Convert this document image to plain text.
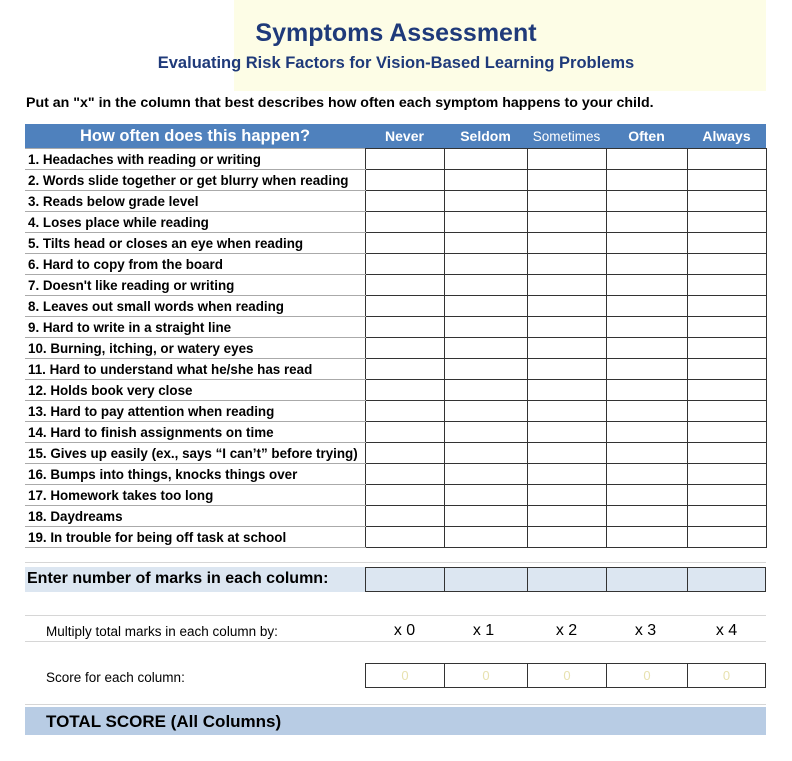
Symptoms Assessment
Evaluating Risk Factors for Vision-Based Learning Problems
Put an "x" in the column that best describes how often each symptom happens to your child.
How often does this happen?	Never	Seldom	Sometimes	Often	Always
1. Headaches with reading or writing					
2. Words slide together or get blurry when reading					
3. Reads below grade level					
4. Loses place while reading					
5. Tilts head or closes an eye when reading					
6. Hard to copy from the board					
7. Doesn't like reading or writing					
8. Leaves out small words when reading					
9. Hard to write in a straight line					
10. Burning, itching, or watery eyes					
11. Hard to understand what he/she has read					
12. Holds book very close					
13. Hard to pay attention when reading					
14. Hard to finish assignments on time					
15. Gives up easily (ex., says “I can’t” before trying)					
16. Bumps into things, knocks things over					
17. Homework takes too long					
18. Daydreams					
19. In trouble for being off task at school					
Enter number of marks in each column:
Multiply total marks in each column by:	x 0	x 1	x 2	x 3	x 4
Score for each column:	0	0	0	0	0
TOTAL SCORE (All Columns)
